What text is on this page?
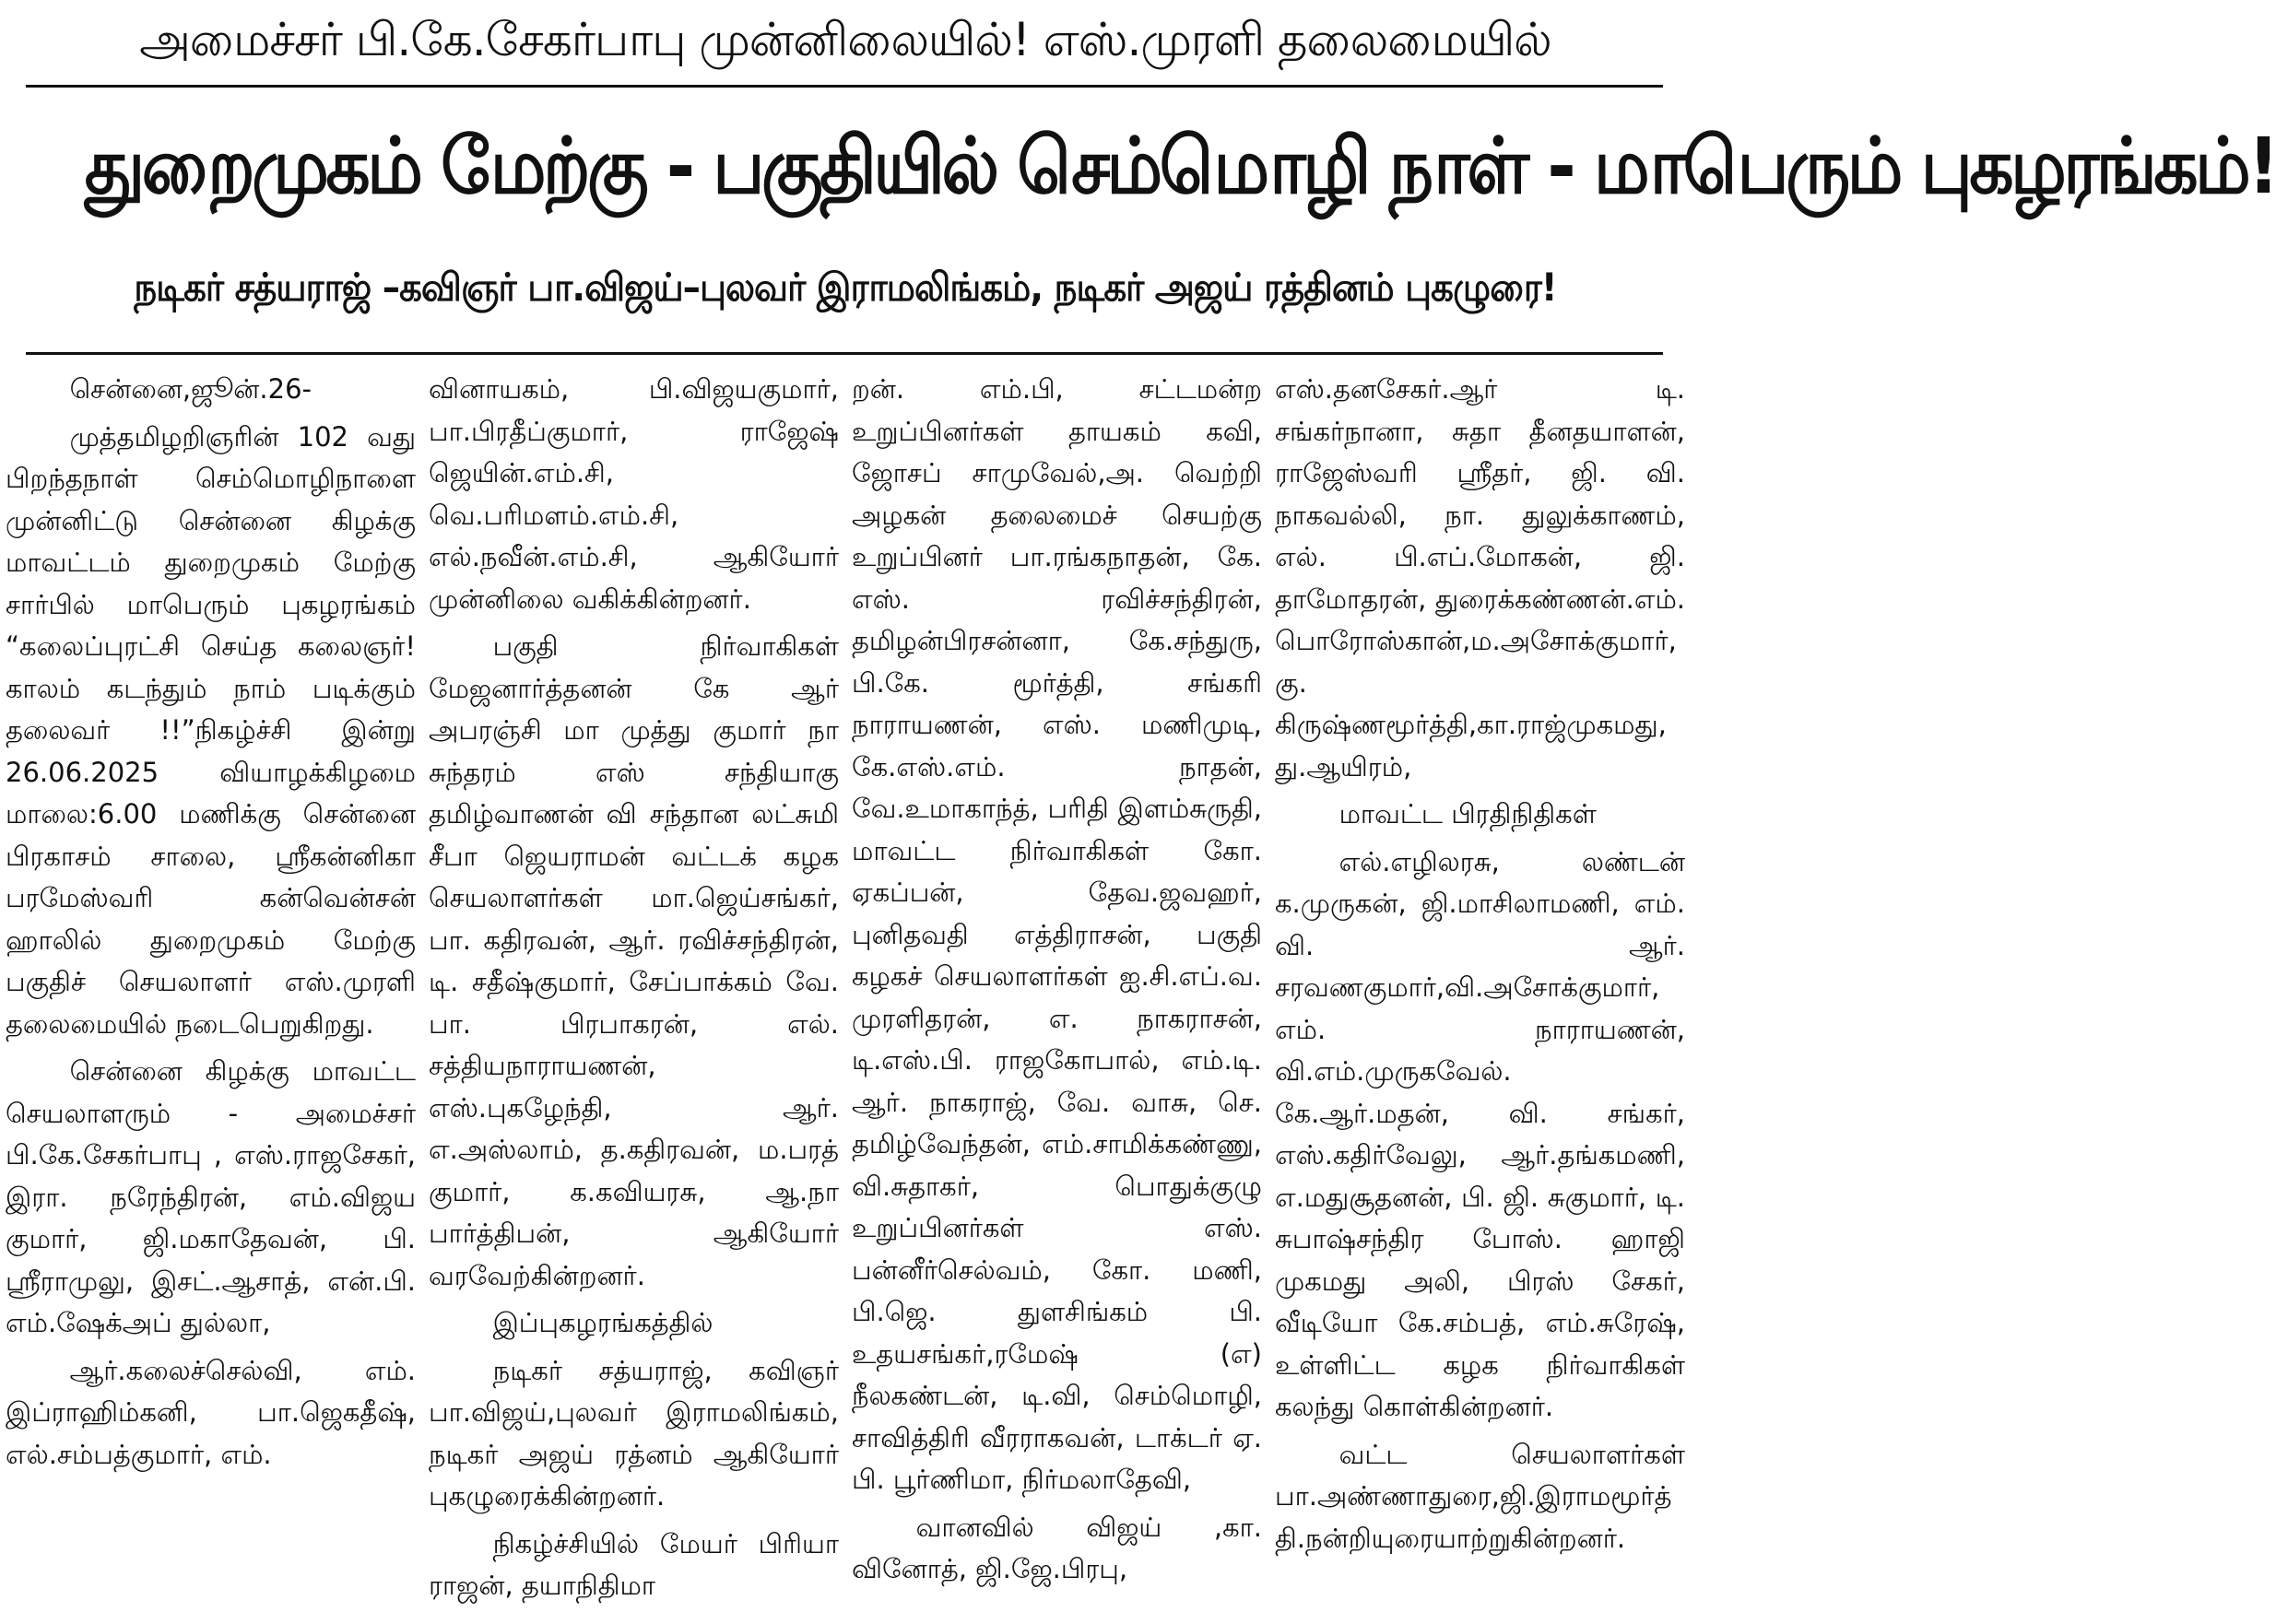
அமைச்சர் பி.கே.சேகர்பாபு முன்னிலையில்! எஸ்.முரளி தலைமையில்
துறைமுகம் மேற்கு - பகுதியில் செம்மொழி நாள் - மாபெரும் புகழரங்கம்!
நடிகர் சத்யராஜ் –கவிஞர் பா.விஜய்–புலவர் இராமலிங்கம், நடிகர் அஜய் ரத்தினம் புகழுரை!

சென்னை,ஜூன்.26-

முத்தமிழறிஞரின் 102 வது பிறந்தநாள் செம்மொழிநாளை முன்னிட்டு சென்னை கிழக்கு மாவட்டம் துறைமுகம் மேற்கு சார்பில் மாபெரும் புகழரங்கம் “கலைப்புரட்சி செய்த கலைஞர்! காலம் கடந்தும் நாம் படிக்கும் தலைவர் !!”நிகழ்ச்சி இன்று 26.06.2025 வியாழக்கிழமை மாலை:6.00 மணிக்கு சென்னை பிரகாசம் சாலை, ஸ்ரீகன்னிகா பரமேஸ்வரி கன்வென்சன் ஹாலில் துறைமுகம் மேற்கு பகுதிச் செயலாளர் எஸ்.முரளி தலைமையில் நடைபெறுகிறது.

சென்னை கிழக்கு மாவட்ட செயலாளரும் - அமைச்சர் பி.கே.சேகர்பாபு , எஸ்.ராஜசேகர், இரா. நரேந்திரன், எம்.விஜய குமார், ஜி.மகாதேவன், பி. ஸ்ரீராமுலு, இசட்.ஆசாத், என்.பி. எம்.ஷேக்அப் துல்லா,

ஆர்.கலைச்செல்வி, எம். இப்ராஹிம்கனி, பா.ஜெகதீஷ், எல்.சம்பத்குமார், எம்.

வினாயகம், பி.விஜயகுமார், பா.பிரதீப்குமார், ராஜேஷ் ஜெயின்.எம்.சி, வெ.பரிமளம்.எம்.சி, எல்.நவீன்.எம்.சி, ஆகியோர் முன்னிலை வகிக்கின்றனர்.

பகுதி நிர்வாகிகள் மேஜனார்த்தனன் கே ஆர் அபரஞ்சி மா முத்து குமார் நா சுந்தரம் எஸ் சந்தியாகு தமிழ்வாணன் வி சந்தான லட்சுமி சீபா ஜெயராமன் வட்டக் கழக செயலாளர்கள் மா.ஜெய்சங்கர், பா. கதிரவன், ஆர். ரவிச்சந்திரன், டி. சதீஷ்குமார், சேப்பாக்கம் வே. பா. பிரபாகரன், எல். சத்தியநாராயணன், எஸ்.புகழேந்தி, ஆர். எ.அஸ்லாம், த.கதிரவன், ம.பரத் குமார், க.கவியரசு, ஆ.நா பார்த்திபன், ஆகியோர் வரவேற்கின்றனர்.

இப்புகழரங்கத்தில்

நடிகர் சத்யராஜ், கவிஞர் பா.விஜய்,புலவர் இராமலிங்கம், நடிகர் அஜய் ரத்னம் ஆகியோர் புகழுரைக்கின்றனர்.

நிகழ்ச்சியில் மேயர் பிரியா ராஜன், தயாநிதிமா

றன். எம்.பி, சட்டமன்ற உறுப்பினர்கள் தாயகம் கவி, ஜோசப் சாமுவேல்,அ. வெற்றி அழகன் தலைமைச் செயற்கு உறுப்பினர் பா.ரங்கநாதன், கே. எஸ். ரவிச்சந்திரன், தமிழன்பிரசன்னா, கே.சந்துரு, பி.கே. மூர்த்தி, சங்கரி நாராயணன், எஸ். மணிமுடி, கே.எஸ்.எம். நாதன், வே.உமாகாந்த், பரிதி இளம்சுருதி, மாவட்ட நிர்வாகிகள் கோ. ஏகப்பன், தேவ.ஜவஹர், புனிதவதி எத்திராசன், பகுதி கழகச் செயலாளர்கள் ஐ.சி.எப்.வ. முரளிதரன், எ. நாகராசன், டி.எஸ்.பி. ராஜகோபால், எம்.டி. ஆர். நாகராஜ், வே. வாசு, செ. தமிழ்வேந்தன், எம்.சாமிக்கண்ணு, வி.சுதாகர், பொதுக்குழு உறுப்பினர்கள் எஸ். பன்னீர்செல்வம், கோ. மணி, பி.ஜெ. துளசிங்கம் பி. உதயசங்கர்,ரமேஷ் (எ) நீலகண்டன், டி.வி, செம்மொழி, சாவித்திரி வீரராகவன், டாக்டர் ஏ. பி. பூர்ணிமா, நிர்மலாதேவி,

வானவில் விஜய் ,கா. வினோத், ஜி.ஜே.பிரபு,

எஸ்.தனசேகர்.ஆர் டி. சங்கர்நானா, சுதா தீனதயாளன், ராஜேஸ்வரி ஸ்ரீதர், ஜி. வி. நாகவல்லி, நா. துலுக்காணம், எல். பி.எப்.மோகன், ஜி. தாமோதரன், துரைக்கண்ணன்.எம். பொரோஸ்கான்,ம.அசோக்குமார், கு. கிருஷ்ணமூர்த்தி,கா.ராஜ்முகமது,து.ஆயிரம்,

மாவட்ட பிரதிநிதிகள்

எல்.எழிலரசு, லண்டன் க.முருகன், ஜி.மாசிலாமணி, எம். வி. ஆர். சரவணகுமார்,வி.அசோக்குமார், எம். நாராயணன், வி.எம்.முருகவேல். கே.ஆர்.மதன், வி. சங்கர், எஸ்.கதிர்வேலு, ஆர்.தங்கமணி, எ.மதுசூதனன், பி. ஜி. சுகுமார், டி. சுபாஷ்சந்திர போஸ். ஹாஜி முகமது அலி, பிரஸ் சேகர், வீடியோ கே.சம்பத், எம்.சுரேஷ், உள்ளிட்ட கழக நிர்வாகிகள் கலந்து கொள்கின்றனர்.

வட்ட செயலாளர்கள் பா.அண்ணாதுரை,ஜி.இராமமூர்த்தி.நன்றியுரையாற்றுகின்றனர்.
